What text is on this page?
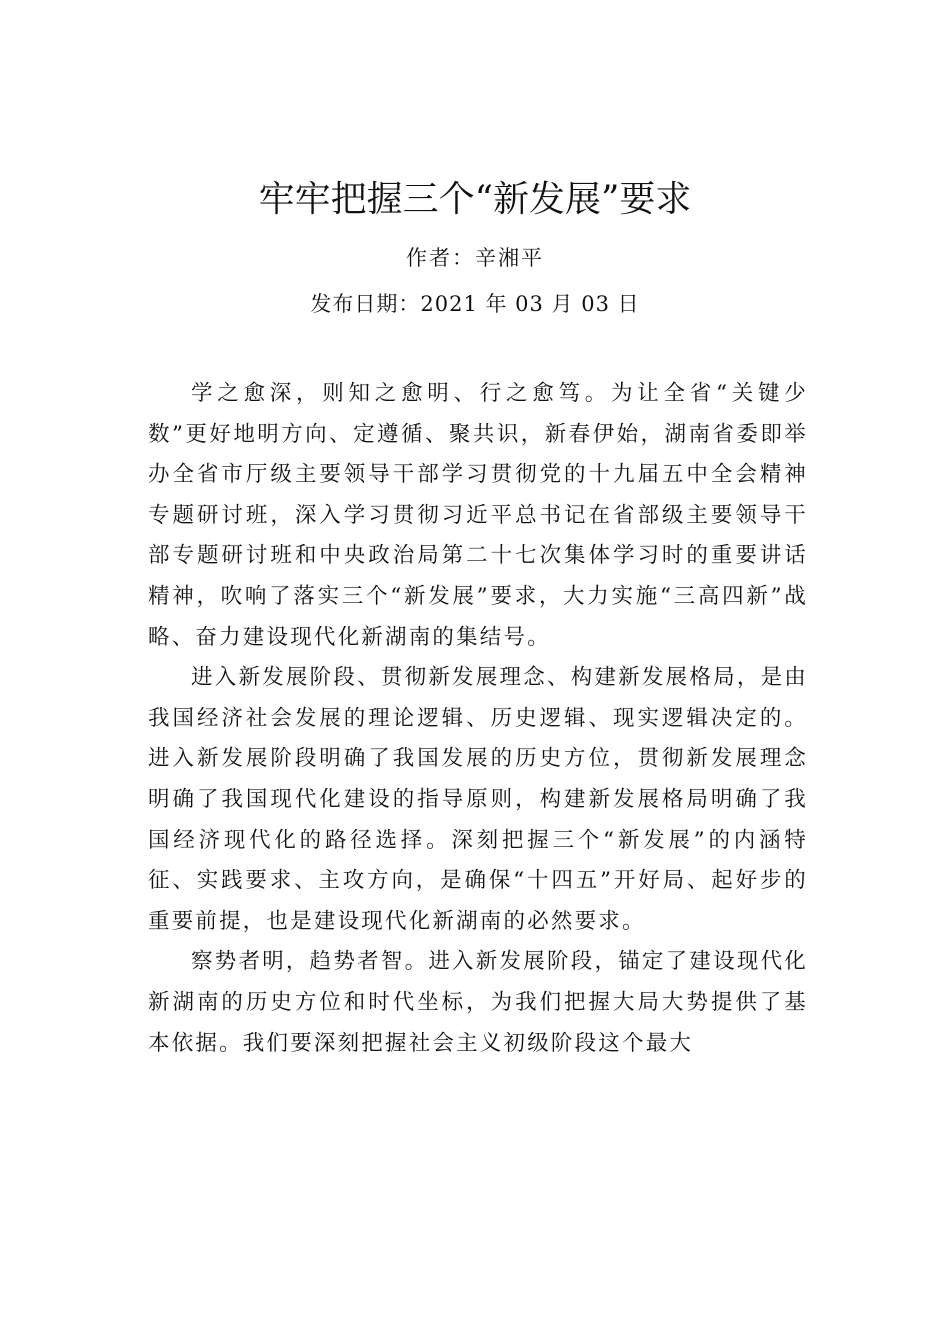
牢牢把握三个“新发展”要求
作者：辛湘平
发布日期：2021 年 03 月 03 日

学之愈深，则知之愈明、行之愈笃。为让全省“关键少数”更好地明方向、定遵循、聚共识，新春伊始，湖南省委即举办全省市厅级主要领导干部学习贯彻党的十九届五中全会精神专题研讨班，深入学习贯彻习近平总书记在省部级主要领导干部专题研讨班和中央政治局第二十七次集体学习时的重要讲话精神，吹响了落实三个“新发展”要求，大力实施“三高四新”战略、奋力建设现代化新湖南的集结号。

进入新发展阶段、贯彻新发展理念、构建新发展格局，是由我国经济社会发展的理论逻辑、历史逻辑、现实逻辑决定的。进入新发展阶段明确了我国发展的历史方位，贯彻新发展理念明确了我国现代化建设的指导原则，构建新发展格局明确了我国经济现代化的路径选择。深刻把握三个“新发展”的内涵特征、实践要求、主攻方向，是确保“十四五”开好局、起好步的重要前提，也是建设现代化新湖南的必然要求。

察势者明，趋势者智。进入新发展阶段，锚定了建设现代化新湖南的历史方位和时代坐标，为我们把握大局大势提供了基本依据。我们要深刻把握社会主义初级阶段这个最大
